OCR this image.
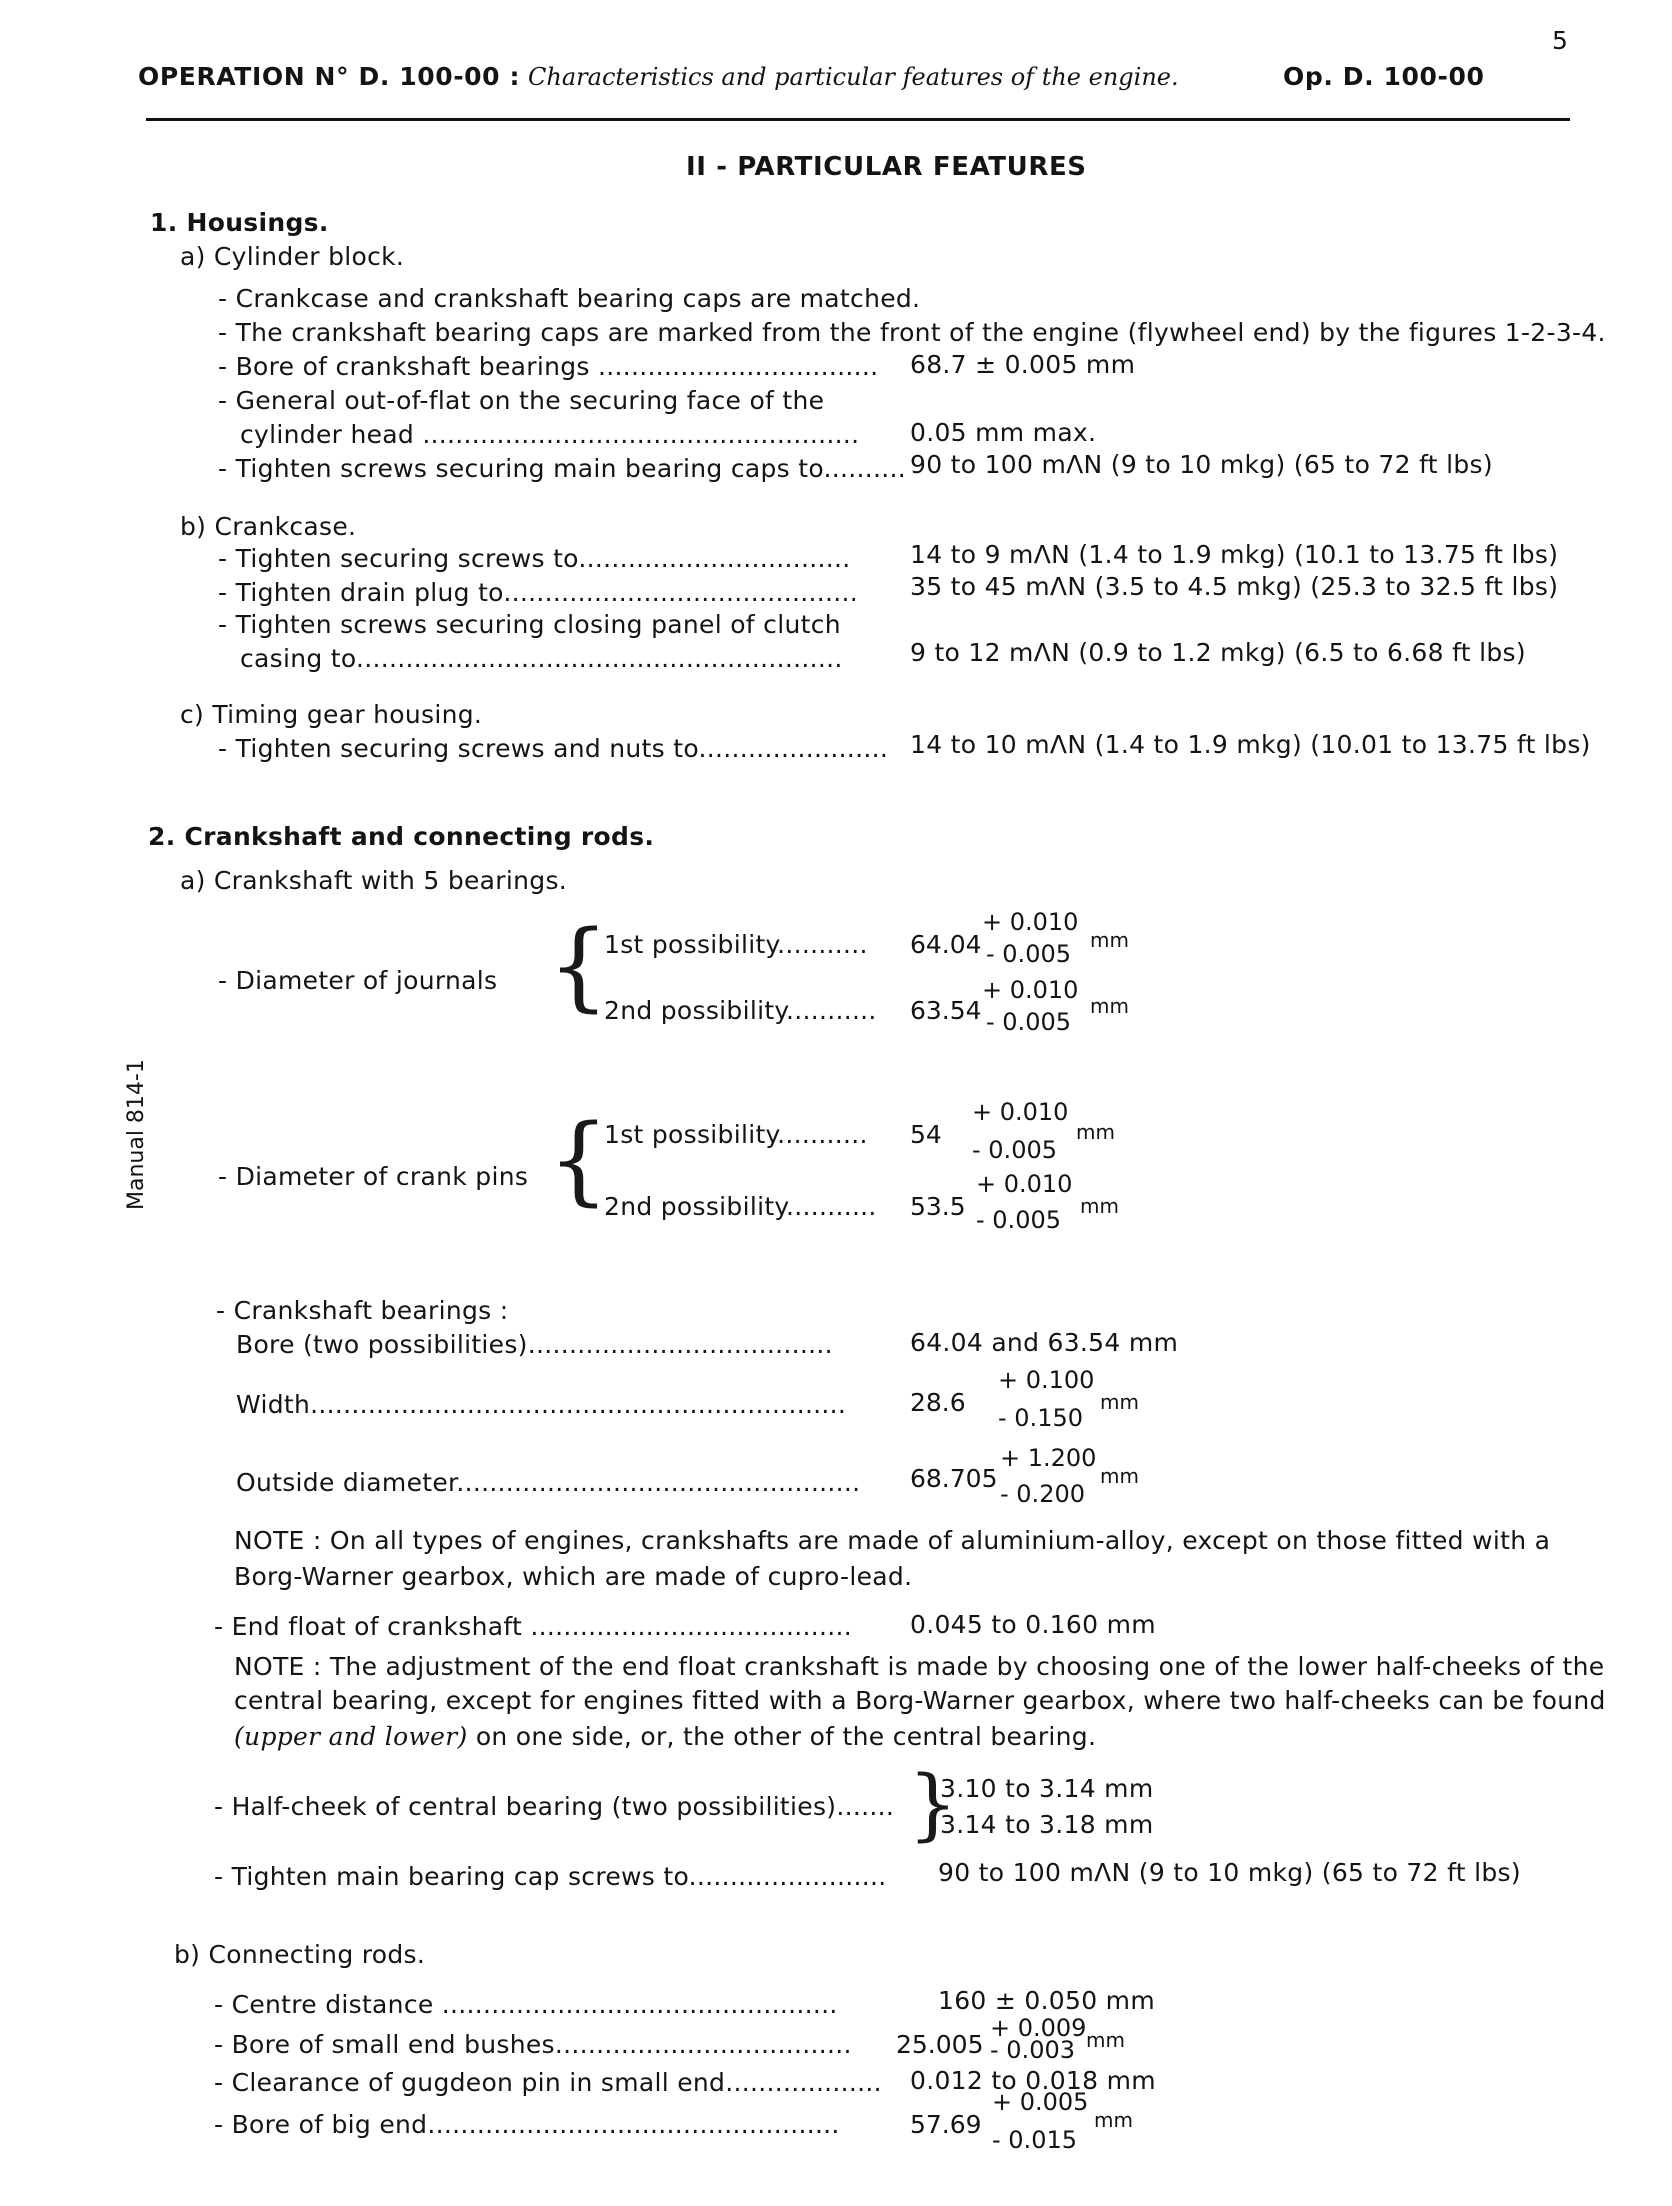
5
OPERATION N° D. 100-00 : Characteristics and particular features of the engine.	Op. D. 100-00
II - PARTICULAR FEATURES
Manual 814-1
1. Housings.
a) Cylinder block.
- Crankcase and crankshaft bearing caps are matched.
- The crankshaft bearing caps are marked from the front of the engine (flywheel end) by the figures 1-2-3-4.
- Bore of crankshaft bearings .................................. 68.7 ± 0.005 mm
- General out-of-flat on the securing face of the
cylinder head ..................................................... 0.05 mm max.
- Tighten screws securing main bearing caps to.......... 90 to 100 mΛN (9 to 10 mkg) (65 to 72 ft lbs)
b) Crankcase.
- Tighten securing screws to................................. 14 to 9 mΛN (1.4 to 1.9 mkg) (10.1 to 13.75 ft lbs)
- Tighten drain plug to........................................... 35 to 45 mΛN (3.5 to 4.5 mkg) (25.3 to 32.5 ft lbs)
- Tighten screws securing closing panel of clutch
casing to...........................................................	9 to 12 mΛN (0.9 to 1.2 mkg) (6.5 to 6.68 ft lbs)
c) Timing gear housing.
- Tighten securing screws and nuts to....................... 14 to 10 mΛN (1.4 to 1.9 mkg) (10.01 to 13.75 ft lbs)
2. Crankshaft and connecting rods.
a) Crankshaft with 5 bearings.
- Diameter of journals {
1st possibility........... 64.04
+ 0.010
- 0.005 mm
2nd possibility........... 63.54
+ 0.010
- 0.005
mm
- Diameter of crank pins {
1st possibility........... 54
+ 0.010
- 0.005
mm
2nd possibility........... 53.5
+ 0.010
- 0.005 mm
- Crankshaft bearings :
Bore (two possibilities).....................................	64.04 and 63.54 mm
Width.................................................................	28.6
+ 0.100
- 0.150
mm
Outside diameter................................................. 68.705
+ 1.200
- 0.200
mm
NOTE : On all types of engines, crankshafts are made of aluminium-alloy, except on those fitted with a
Borg-Warner gearbox, which are made of cupro-lead.
- End float of crankshaft ....................................... 0.045 to 0.160 mm
NOTE : The adjustment of the end float crankshaft is made by choosing one of the lower half-cheeks of the
central bearing, except for engines fitted with a Borg-Warner gearbox, where two half-cheeks can be found
(upper and lower) on one side, or, the other of the central bearing.
- Half-cheek of central bearing (two possibilities)....... }
3.10 to 3.14 mm
3.14 to 3.18 mm
- Tighten main bearing cap screws to........................ 90 to 100 mΛN (9 to 10 mkg) (65 to 72 ft lbs)
b) Connecting rods.
- Centre distance ................................................	160 ± 0.050 mm
- Bore of small end bushes.................................... 25.005
+ 0.009
- 0.003 mm
- Clearance of gugdeon pin in small end................... 0.012 to 0.018 mm
- Bore of big end..................................................	57.69
+ 0.005
- 0.015
mm
